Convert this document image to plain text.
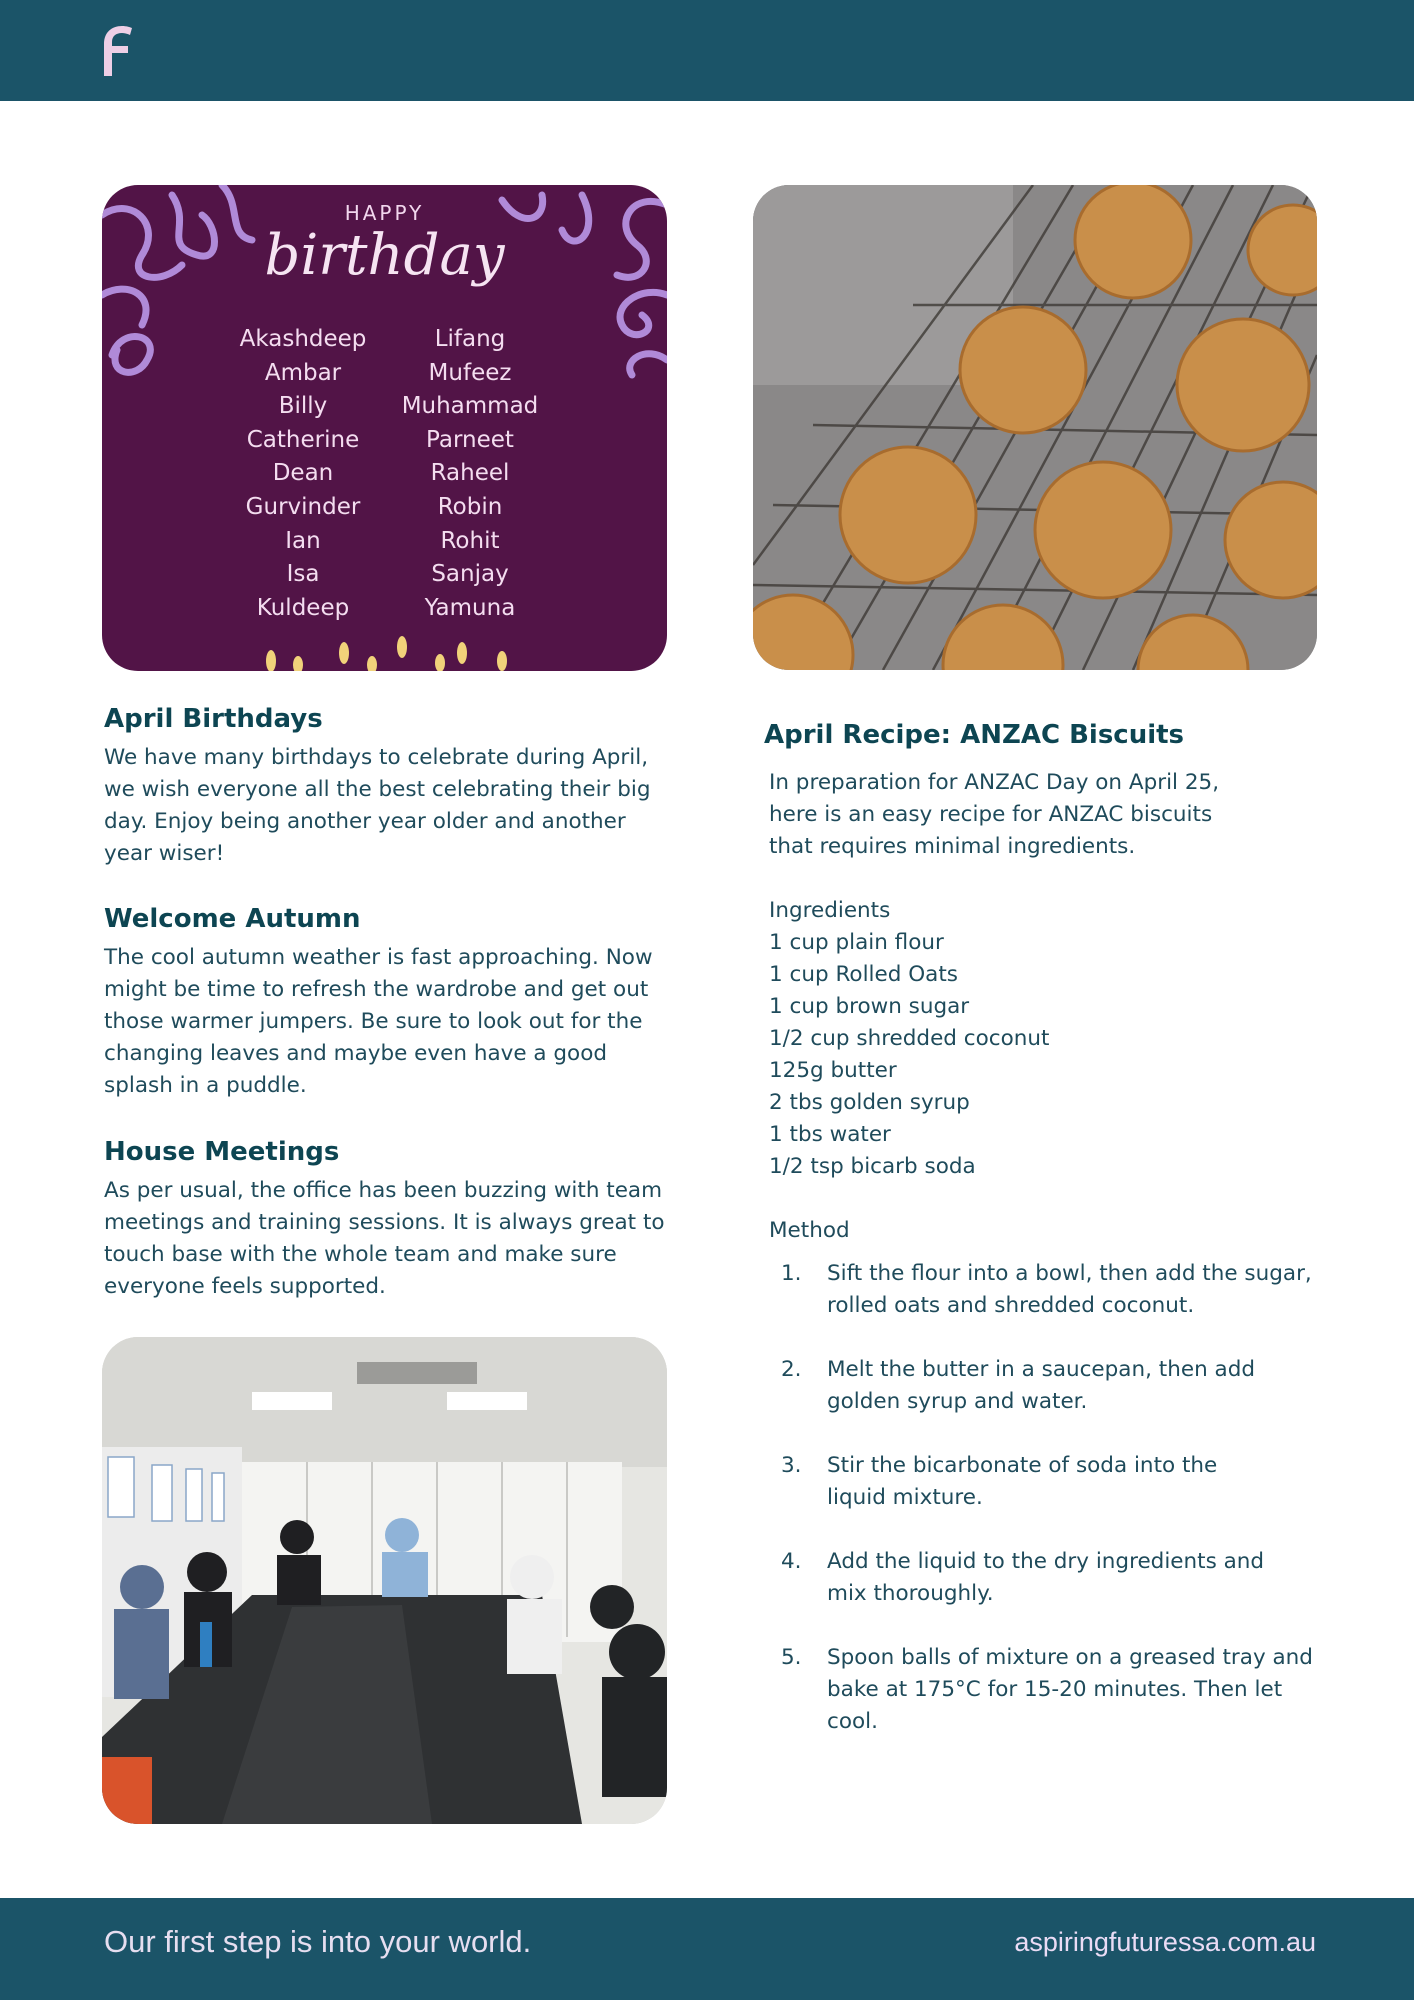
HAPPY
birthday
Akashdeep
Ambar
Billy
Catherine
Dean
Gurvinder
Ian
Isa
Kuldeep
Lifang
Mufeez
Muhammad
Parneet
Raheel
Robin
Rohit
Sanjay
Yamuna
April Birthdays

We have many birthdays to celebrate during April, we wish everyone all the best celebrating their big day. Enjoy being another year older and another year wiser!

Welcome Autumn

The cool autumn weather is fast approaching. Now might be time to refresh the wardrobe and get out those warmer jumpers. Be sure to look out for the changing leaves and maybe even have a good splash in a puddle.

House Meetings

As per usual, the office has been buzzing with team meetings and training sessions. It is always great to touch base with the whole team and make sure everyone feels supported.

April Recipe: ANZAC Biscuits

In preparation for ANZAC Day on April 25, here is an easy recipe for ANZAC biscuits that requires minimal ingredients.

Ingredients

1 cup plain flour
1 cup Rolled Oats
1 cup brown sugar
1/2 cup shredded coconut
125g butter
2 tbs golden syrup
1 tbs water
1/2 tsp bicarb soda

Method

1. Sift the flour into a bowl, then add the sugar, rolled oats and shredded coconut.
2. Melt the butter in a saucepan, then add golden syrup and water.
3. Stir the bicarbonate of soda into the liquid mixture.
4. Add the liquid to the dry ingredients and mix thoroughly.
5. Spoon balls of mixture on a greased tray and bake at 175°C for 15-20 minutes. Then let cool.
Our first step is into your world.	aspiringfuturessa.com.au
